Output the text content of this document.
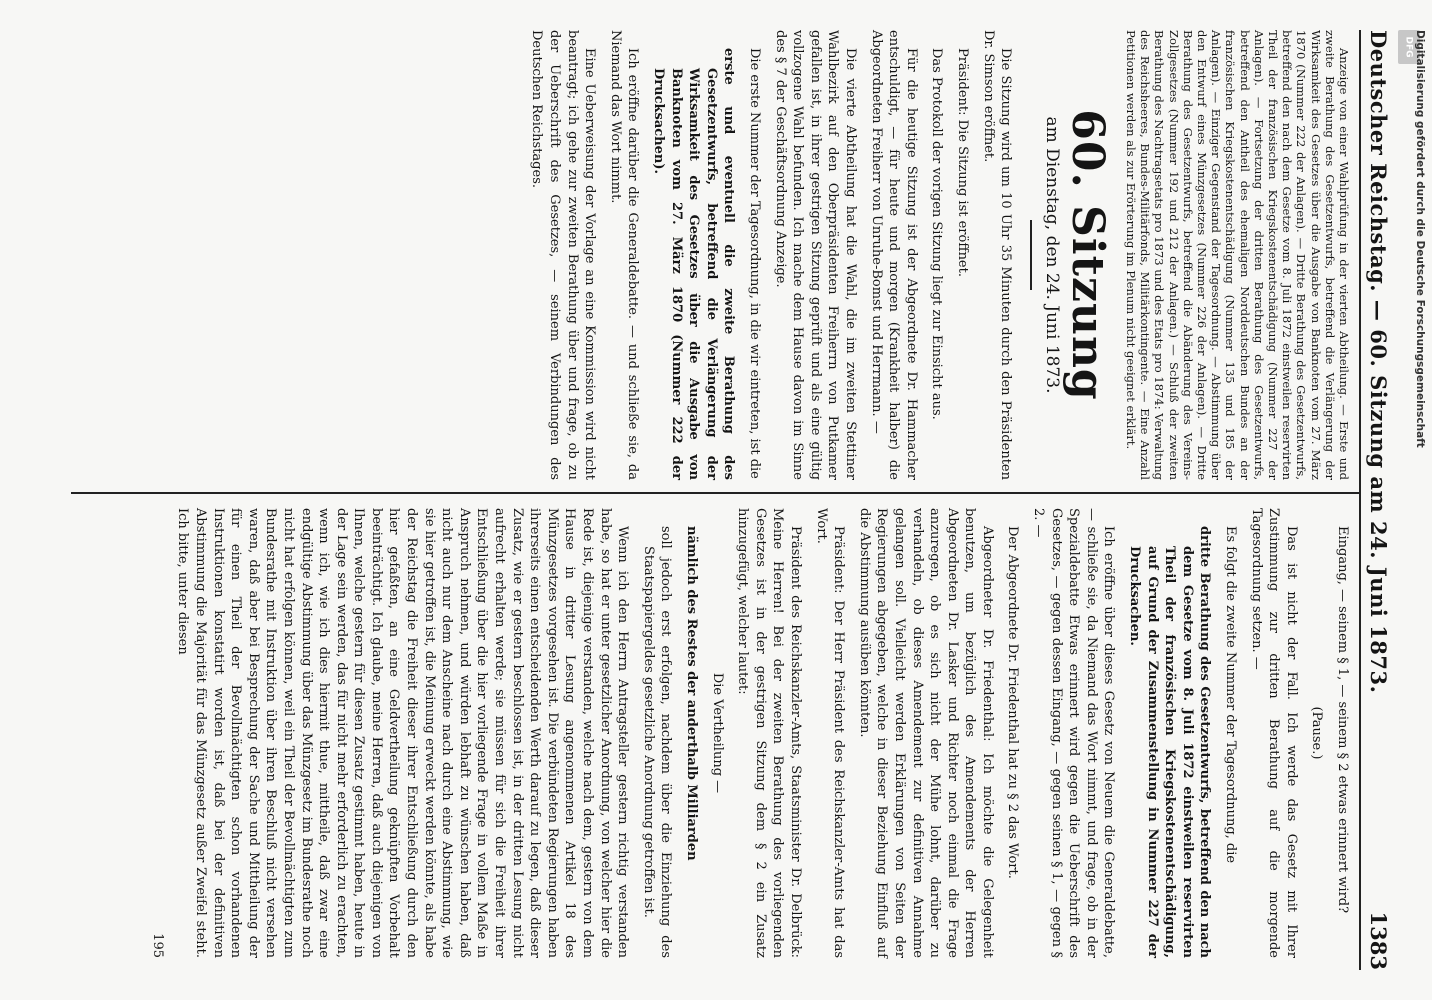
Deutscher Reichstag. — 60. Sitzung am 24. Juni 1873.
1383

Anzeige von einer Wahlprüfung in der vierten Abtheilung. — Erste und zweite Berathung des Gesetzentwurfs, betreffend die Verlängerung der Wirksamkeit des Gesetzes über die Ausgabe von Banknoten vom 27. März 1870 (Nummer 222 der Anlagen). — Dritte Berathung des Gesetzentwurfs, betreffend den nach dem Gesetze vom 8. Juli 1872 einstweilen reservirten Theil der französischen Kriegskostenentschädigung (Nummer 227 der Anlagen). — Fortsetzung der dritten Berathung des Gesetzentwurfs, betreffend den Antheil des ehemaligen Norddeutschen Bundes an der französischen Kriegskostenentschädigung (Nummer 135 und 185 der Anlagen). — Einziger Gegenstand der Tagesordnung. — Abstimmung über den Entwurf eines Münzgesetzes (Nummer 226 der Anlagen). — Dritte Berathung des Gesetzentwurfs, betreffend die Abänderung des Vereins-Zollgesetzes (Nummer 192 und 212 der Anlagen.) — Schluß der zweiten Berathung des Nachtragsetats pro 1873 und des Etats pro 1874: Verwaltung des Reichsheeres, Bundes-Militärfonds, Militärkontingente. — Eine Anzahl Petitionen werden als zur Erörterung im Plenum nicht geeignet erklärt.

60. Sitzung
am Dienstag, den 24. Juni 1873.

Die Sitzung wird um 10 Uhr 35 Minuten durch den Präsidenten Dr. Simson eröffnet.

Präsident: Die Sitzung ist eröffnet.

Das Protokoll der vorigen Sitzung liegt zur Einsicht aus.

Für die heutige Sitzung ist der Abgeordnete Dr. Hammacher entschuldigt, — für heute und morgen (Krankheit halber) die Abgeordneten Freiherr von Unruhe-Bomst und Herrmann. —

Die vierte Abtheilung hat die Wahl, die im zweiten Stettiner Wahlbezirk auf den Oberpräsidenten Freiherrn von Putkamer gefallen ist, in ihrer gestrigen Sitzung geprüft und als eine gültig vollzogene Wahl befunden. Ich mache dem Hause davon im Sinne des § 7 der Geschäftsordnung Anzeige.

Die erste Nummer der Tagesordnung, in die wir eintreten, ist die

erste und eventuell die zweite Berathung des Gesetzentwurfs, betreffend die Verlängerung der Wirksamkeit des Gesetzes über die Ausgabe von Banknoten vom 27. März 1870 (Nummer 222 der Drucksachen).

Ich eröffne darüber die Generaldebatte. — und schließe sie, da Niemand das Wort nimmt.

Eine Ueberweisung der Vorlage an eine Kommission wird nicht beantragt; ich gehe zur zweiten Berathung über und frage, ob zu der Ueberschrift des Gesetzes, — seinem Verbindungen des Deutschen Reichstages.

Eingang, — seinem § 1, — seinem § 2 etwas erinnert wird?

(Pause.)

Das ist nicht der Fall. Ich werde das Gesetz mit Ihrer Zustimmung zur dritten Berathung auf die morgende Tagesordnung setzen. —

Es folgt die zweite Nummer der Tagesordnung, die

dritte Berathung des Gesetzentwurfs, betreffend den nach dem Gesetze vom 8. Juli 1872 einstweilen reservirten Theil der französischen Kriegskostenentschädigung, auf Grund der Zusammenstellung in Nummer 227 der Drucksachen.

Ich eröffne über dieses Gesetz von Neuem die Generaldebatte, — schließe sie, da Niemand das Wort nimmt, und frage, ob in der Spezialdebatte Etwas erinnert wird gegen die Ueberschrift des Gesetzes, — gegen dessen Eingang, — gegen seinen § 1, — gegen § 2. —

Der Abgeordnete Dr. Friedenthal hat zu § 2 das Wort.

Abgeordneter Dr. Friedenthal: Ich möchte die Gelegenheit benutzen, um bezüglich des Amendements der Herren Abgeordneten Dr. Lasker und Richter noch einmal die Frage anzuregen, ob es sich nicht der Mühe lohnt, darüber zu verhandeln, ob dieses Amendement zur definitiven Annahme gelangen soll. Vielleicht werden Erklärungen von Seiten der Regierungen abgegeben, welche in dieser Beziehung Einfluß auf die Abstimmung ausüben könnten.

Präsident: Der Herr Präsident des Reichskanzler-Amts hat das Wort.

Präsident des Reichskanzler-Amts, Staatsminister Dr. Delbrück: Meine Herren! Bei der zweiten Berathung des vorliegenden Gesetzes ist in der gestrigen Sitzung dem § 2 ein Zusatz hinzugefügt, welcher lautet:

Die Vertheilung —

nämlich des Restes der anderthalb Milliarden

soll jedoch erst erfolgen, nachdem über die Einziehung des Staatspapiergeldes gesetzliche Anordnung getroffen ist.

Wenn ich den Herrn Antragsteller gestern richtig verstanden habe, so hat er unter gesetzlicher Anordnung, von welcher hier die Rede ist, diejenige verstanden, welche nach dem, gestern von dem Hause in dritter Lesung angenommenen Artikel 18 des Münzgesetzes vorgesehen ist. Die verbündeten Regierungen haben ihrerseits einen entscheidenden Werth darauf zu legen, daß dieser Zusatz, wie er gestern beschlossen ist, in der dritten Lesung nicht aufrecht erhalten werde; sie müssen für sich die Freiheit ihrer Entschließung über die hier vorliegende Frage in vollem Maße in Anspruch nehmen, und würden lebhaft zu wünschen haben, daß nicht auch nur dem Anscheine nach durch eine Abstimmung, wie sie hier getroffen ist, die Meinung erweckt werden könnte, als habe der Reichstag die Freiheit dieser ihrer Entschließung durch den hier gefaßten, an eine Geldvertheilung geknüpften Vorbehalt beeinträchtigt. Ich glaube, meine Herren, daß auch diejenigen von Ihnen, welche gestern für diesen Zusatz gestimmt haben, heute in der Lage sein werden, das für nicht mehr erforderlich zu erachten, wenn ich, wie ich dies hiermit thue, mittheile, daß zwar eine endgültige Abstimmung über das Münzgesetz im Bundesrathe noch nicht hat erfolgen können, weil ein Theil der Bevollmächtigten zum Bundesrathe mit Instruktion über ihren Beschluß nicht versehen waren, daß aber bei Besprechung der Sache und Mittheilung der für einen Theil der Bevollmächtigten schon vorhandenen Instruktionen konstatirt worden ist, daß bei der definitiven Abstimmung die Majorität für das Münzgesetz außer Zweifel steht. Ich bitte, unter diesen

195

DFG Digitalisierung gefördert durch die Deutsche Forschungsgemeinschaft
